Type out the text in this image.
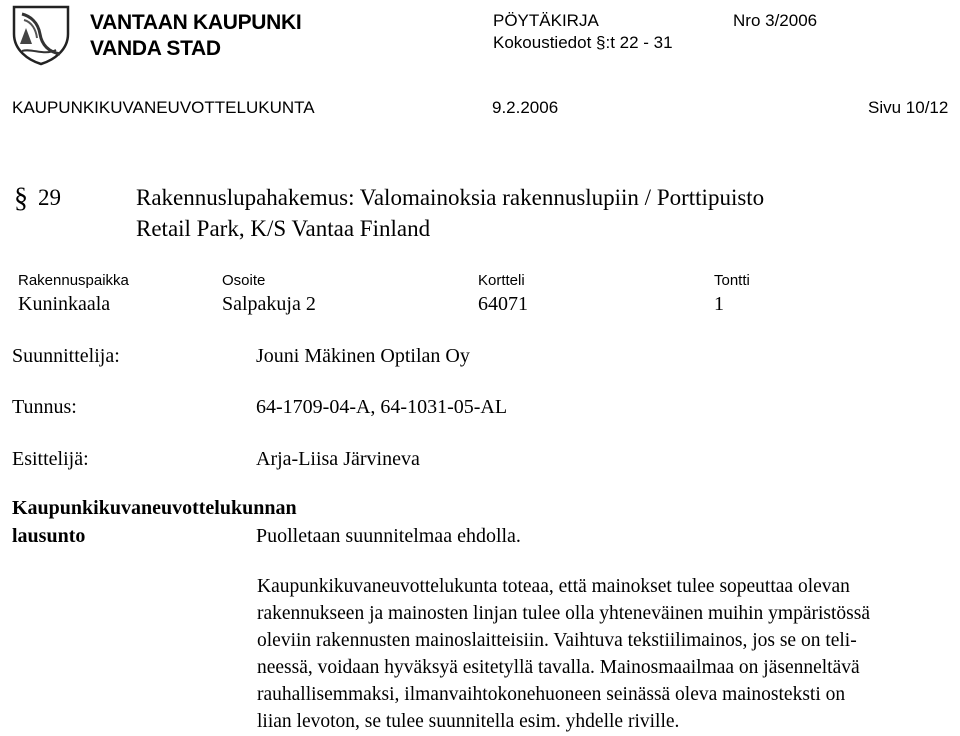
VANTAAN KAUPUNKI
VANDA STAD
PÖYTÄKIRJA	Nro 3/2006
Kokoustiedot §:t 22 - 31
KAUPUNKIKUVANEUVOTTELUKUNTA	9.2.2006	Sivu 10/12
§ 29	Rakennuslupahakemus: Valomainoksia rakennuslupiin / Porttipuisto
Retail Park, K/S Vantaa Finland
Rakennuspaikka	Osoite	Kortteli	Tontti
Kuninkaala	Salpakuja 2	64071	1
Suunnittelija:	Jouni Mäkinen Optilan Oy
Tunnus:	64-1709-04-A, 64-1031-05-AL
Esittelijä:	Arja-Liisa Järvineva
Kaupunkikuvaneuvottelukunnan
lausunto	Puolletaan suunnitelmaa ehdolla.
Kaupunkikuvaneuvottelukunta toteaa, että mainokset tulee sopeuttaa olevan
rakennukseen ja mainosten linjan tulee olla yhteneväinen muihin ympäristössä
oleviin rakennusten mainoslaitteisiin. Vaihtuva tekstiilimainos, jos se on teli-
neessä, voidaan hyväksyä esitetyllä tavalla. Mainosmaailmaa on jäsenneltävä
rauhallisemmaksi, ilmanvaihtokonehuoneen seinässä oleva mainosteksti on
liian levoton, se tulee suunnitella esim. yhdelle riville.
